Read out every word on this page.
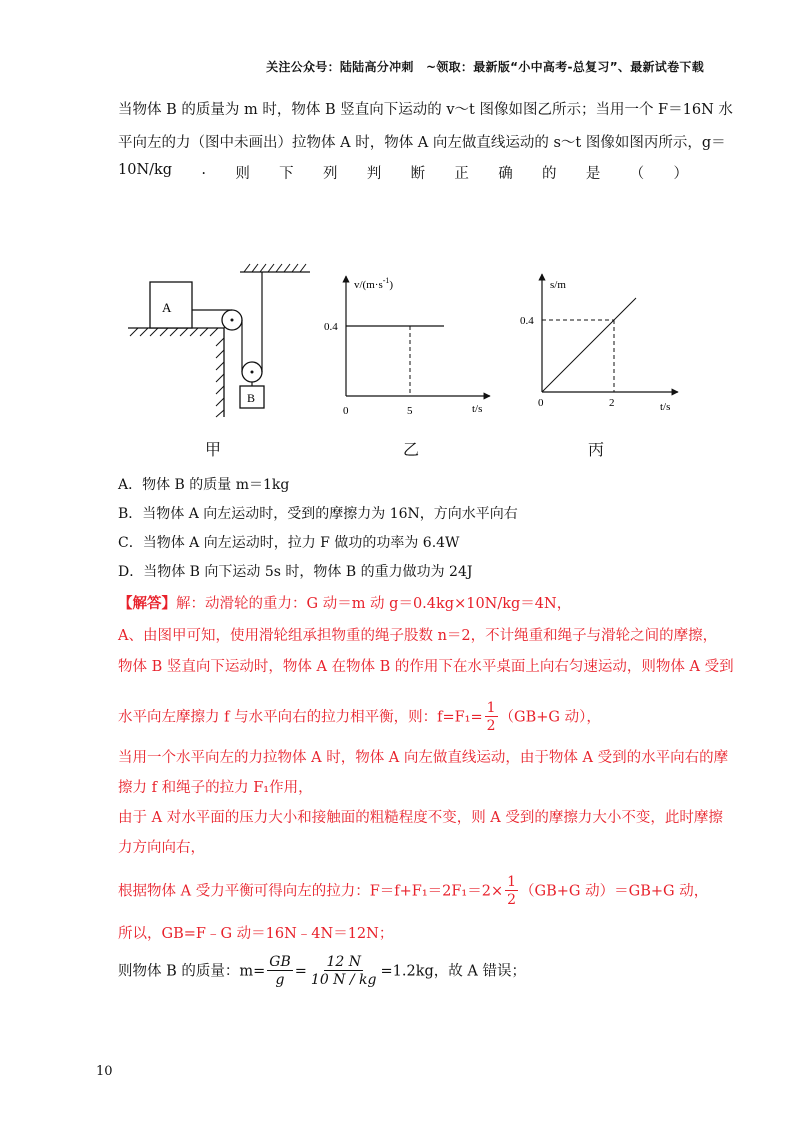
关注公众号：陆陆高分冲刺　~领取：最新版“小中高考-总复习”、最新试卷下载
当物体 B 的质量为 m 时，物体 B 竖直向下运动的 v～t 图像如图乙所示；当用一个 F＝16N 水
平向左的力（图中未画出）拉物体 A 时，物体 A 向左做直线运动的 s～t 图像如图丙所示，g＝
10N/kg . 则 下 列 判 断 正 确 的 是 （ ）
A
B
甲
$v/(m\cdot s^{-1})$
t/s
0	5
0.4
乙
s/m
t/s
0	2
0.4
丙
A．物体 B 的质量 m＝1kg
B．当物体 A 向左运动时，受到的摩擦力为 16N，方向水平向右
C．当物体 A 向左运动时，拉力 F 做功的功率为 6.4W
D．当物体 B 向下运动 5s 时，物体 B 的重力做功为 24J
【解答】解：动滑轮的重力：G 动＝m 动 g＝0.4kg×10N/kg＝4N，
A、由图甲可知，使用滑轮组承担物重的绳子股数 n＝2，不计绳重和绳子与滑轮之间的摩擦，
物体 B 竖直向下运动时，物体 A 在物体 B 的作用下在水平桌面上向右匀速运动，则物体 A 受到
水平向左摩擦力 f 与水平向右的拉力相平衡，则：$f=F_1= \frac{1}{2} (GB+G$ 动），
当用一个水平向左的力拉物体 A 时，物体 A 向左做直线运动，由于物体 A 受到的水平向右的摩
擦力 f 和绳子的拉力 F₁作用，
由于 A 对水平面的压力大小和接触面的粗糙程度不变，则 A 受到的摩擦力大小不变，此时摩擦
力方向向右，
根据物体 A 受力平衡可得向左的拉力：$F=f+F_1=2F_1=2\times \frac{1}{2} (GB+G$ 动）＝GB+G 动，
所以，GB=F﹣G 动＝16N﹣4N＝12N；
则物体 B 的质量：$m= \frac{GB}{g} = \frac{12 N}{10 N / kg} =1.2kg$，故 A 错误；
10
